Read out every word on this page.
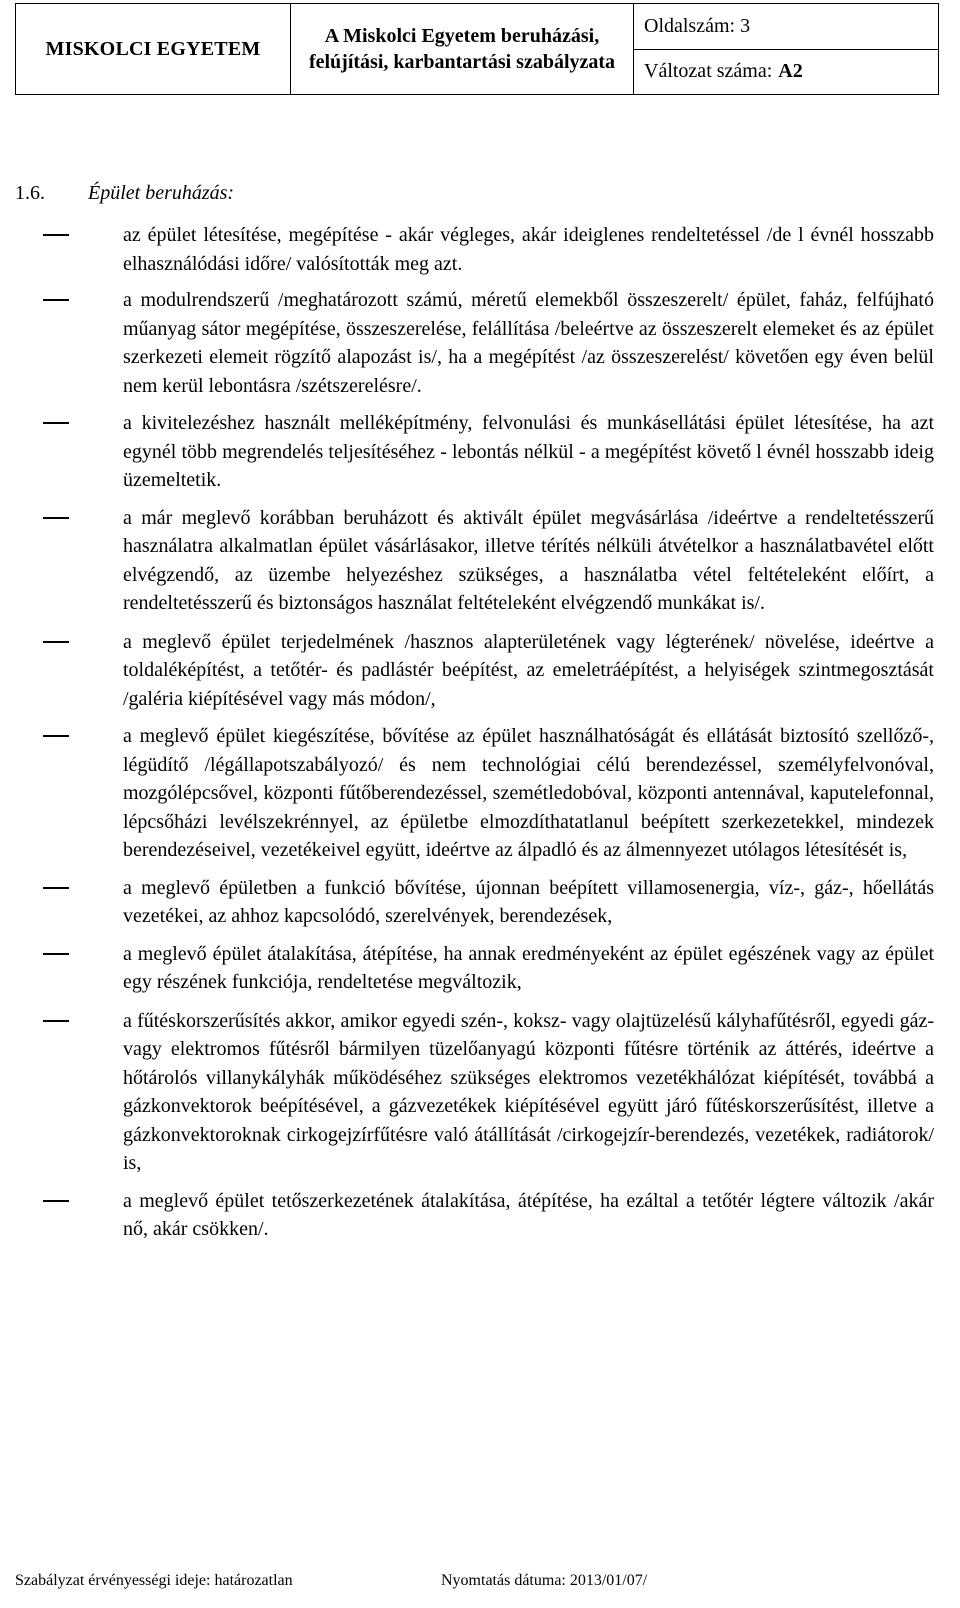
MISKOLCI EGYETEM	A Miskolci Egyetem beruházási, felújítási, karbantartási szabályzata	
Oldalszám:
3
Változat száma: A2
1.6. Épület beruházás:
az épület létesítése, megépítése - akár végleges, akár ideiglenes rendeltetéssel /de l évnél hosszabb elhasználódási időre/ valósították meg azt.
a modulrendszerű /meghatározott számú, méretű elemekből összeszerelt/ épület, faház, felfújható műanyag sátor megépítése, összeszerelése, felállítása /beleértve az összeszerelt elemeket és az épület szerkezeti elemeit rögzítő alapozást is/, ha a megépítést /az összeszerelést/ követően egy éven belül nem kerül lebontásra /szétszerelésre/.
a kivitelezéshez használt melléképítmény, felvonulási és munkásellátási épület létesítése, ha azt egynél több megrendelés teljesítéséhez - lebontás nélkül - a megépítést követő l évnél hosszabb ideig üzemeltetik.
a már meglevő korábban beruházott és aktivált épület megvásárlása /ideértve a rendeltetésszerű használatra alkalmatlan épület vásárlásakor, illetve térítés nélküli átvételkor a használatbavétel előtt elvégzendő, az üzembe helyezéshez szükséges, a használatba vétel feltételeként előírt, a rendeltetésszerű és biztonságos használat feltételeként elvégzendő munkákat is/.
a meglevő épület terjedelmének /hasznos alapterületének vagy légterének/ növelése, ideértve a toldaléképítést, a tetőtér- és padlástér beépítést, az emeletráépítést, a helyiségek szintmegosztását /galéria kiépítésével vagy más módon/,
a meglevő épület kiegészítése, bővítése az épület használhatóságát és ellátását biztosító szellőző-, légüdítő /légállapotszabályozó/ és nem technológiai célú berendezéssel, személyfelvonóval, mozgólépcsővel, központi fűtőberendezéssel, szemétledobóval, központi antennával, kaputelefonnal, lépcsőházi levélszekrénnyel, az épületbe elmozdíthatatlanul beépített szerkezetekkel, mindezek berendezéseivel, vezetékeivel együtt, ideértve az álpadló és az álmennyezet utólagos létesítését is,
a meglevő épületben a funkció bővítése, újonnan beépített villamosenergia, víz-, gáz-, hőellátás vezetékei, az ahhoz kapcsolódó, szerelvények, berendezések,
a meglevő épület átalakítása, átépítése, ha annak eredményeként az épület egészének vagy az épület egy részének funkciója, rendeltetése megváltozik,
a fűtéskorszerűsítés akkor, amikor egyedi szén-, koksz- vagy olajtüzelésű kályhafűtésről, egyedi gáz- vagy elektromos fűtésről bármilyen tüzelőanyagú központi fűtésre történik az áttérés, ideértve a hőtárolós villanykályhák működéséhez szükséges elektromos vezetékhálózat kiépítését, továbbá a gázkonvektorok beépítésével, a gázvezetékek kiépítésével együtt járó fűtéskorszerűsítést, illetve a gázkonvektoroknak cirkogejzírfűtésre való átállítását /cirkogejzír-berendezés, vezetékek, radiátorok/ is,
a meglevő épület tetőszerkezetének átalakítása, átépítése, ha ezáltal a tetőtér légtere változik /akár nő, akár csökken/.
Szabályzat érvényességi ideje: határozatlan	Nyomtatás dátuma: 2013/01/07/
